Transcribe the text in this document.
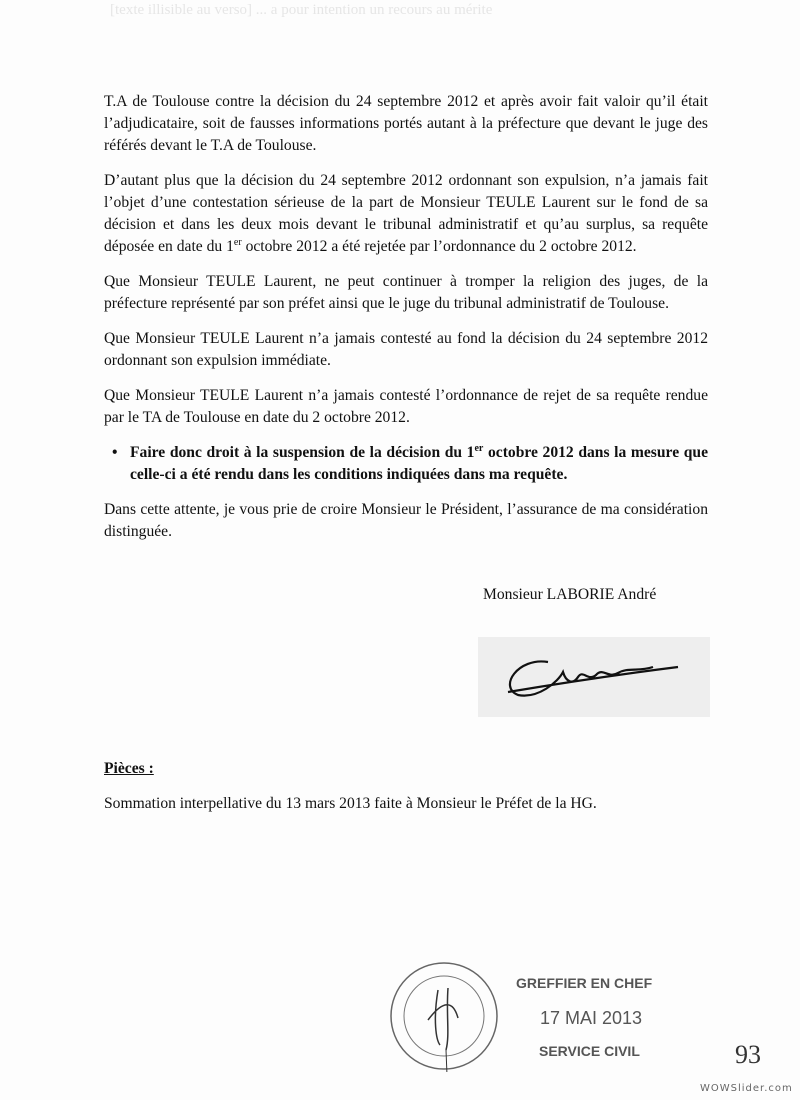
[texte illisible au verso] ... a pour intention un recours au mérite

T.A de Toulouse contre la décision du 24 septembre 2012 et après avoir fait valoir qu’il était l’adjudicataire, soit de fausses informations portés autant à la préfecture que devant le juge des référés devant le T.A de Toulouse.

D’autant plus que la décision du 24 septembre 2012 ordonnant son expulsion, n’a jamais fait l’objet d’une contestation sérieuse de la part de Monsieur TEULE Laurent sur le fond de sa décision et dans les deux mois devant le tribunal administratif et qu’au surplus, sa requête déposée en date du 1er octobre 2012 a été rejetée par l’ordonnance du 2 octobre 2012.

Que Monsieur TEULE Laurent, ne peut continuer à tromper la religion des juges, de la préfecture représenté par son préfet ainsi que le juge du tribunal administratif de Toulouse.

Que Monsieur TEULE Laurent n’a jamais contesté au fond la décision du 24 septembre 2012 ordonnant son expulsion immédiate.

Que Monsieur TEULE Laurent n’a jamais contesté l’ordonnance de rejet de sa requête rendue par le TA de Toulouse en date du 2 octobre 2012.

• Faire donc droit à la suspension de la décision du 1er octobre 2012 dans la mesure que celle-ci a été rendu dans les conditions indiquées dans ma requête.

Dans cette attente, je vous prie de croire Monsieur le Président, l’assurance de ma considération distinguée.

Monsieur LABORIE André
Pièces :
Sommation interpellative du 13 mars 2013 faite à Monsieur le Préfet de la HG.
GREFFIER EN CHEF
17 MAI 2013
SERVICE CIVIL	93
WOWSlider.com
